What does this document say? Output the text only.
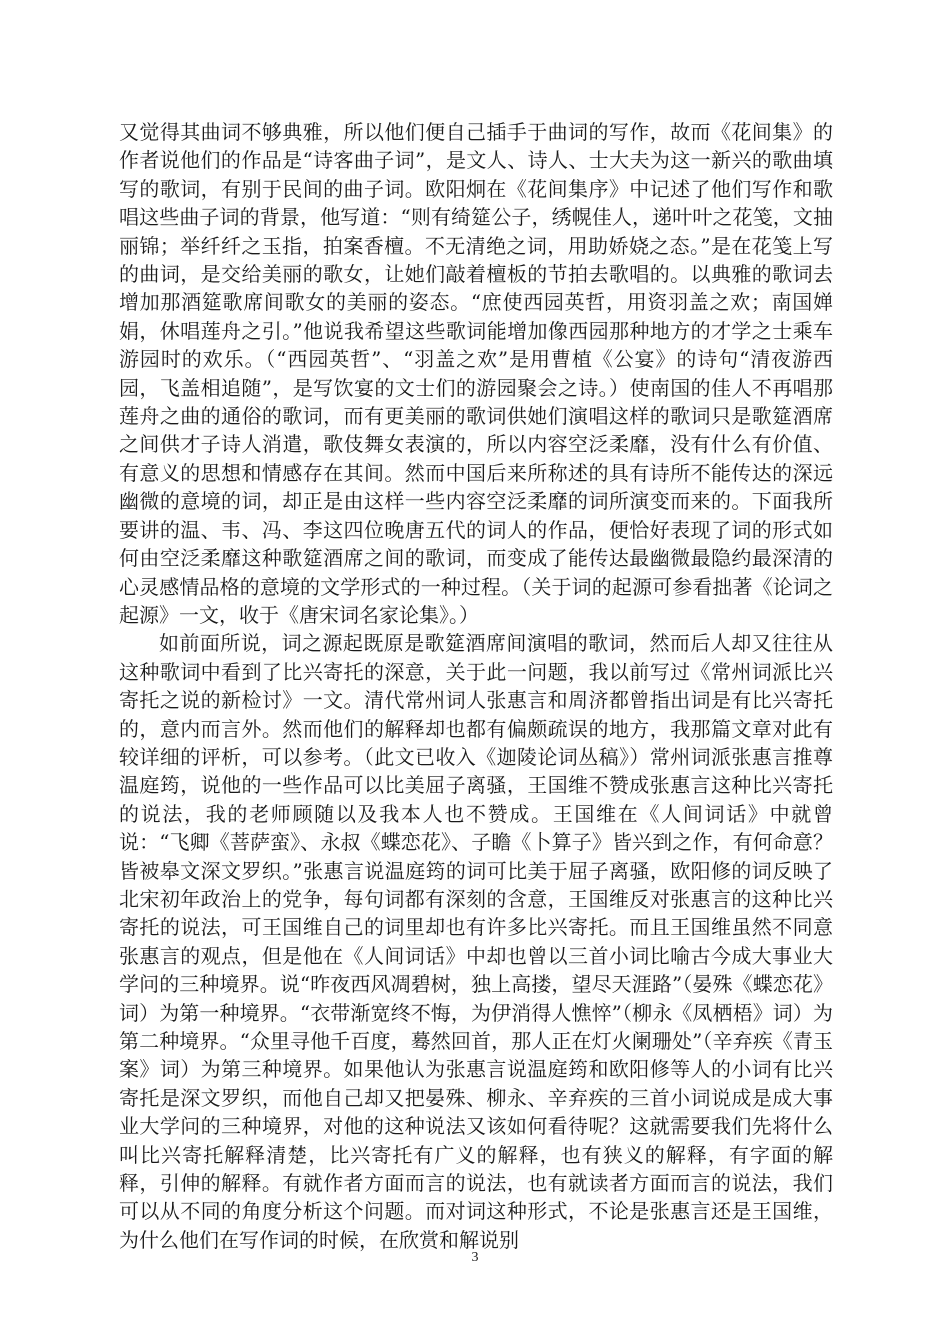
又觉得其曲词不够典雅，所以他们便自己插手于曲词的写作，故而《花间集》的作者说他们的作品是“诗客曲子词”，是文人、诗人、士大夫为这一新兴的歌曲填写的歌词，有别于民间的曲子词。欧阳炯在《花间集序》中记述了他们写作和歌唱这些曲子词的背景，他写道：“则有绮筵公子，绣幌佳人，递叶叶之花笺，文抽丽锦；举纤纤之玉指，拍案香檀。不无清绝之词，用助娇娆之态。”是在花笺上写的曲词，是交给美丽的歌女，让她们敲着檀板的节拍去歌唱的。以典雅的歌词去增加那酒筵歌席间歌女的美丽的姿态。“庶使西园英哲，用资羽盖之欢；南国婵娟，休唱莲舟之引。”他说我希望这些歌词能增加像西园那种地方的才学之士乘车游园时的欢乐。（“西园英哲”、“羽盖之欢”是用曹植《公宴》的诗句“清夜游西园，飞盖相追随”，是写饮宴的文士们的游园聚会之诗。）使南国的佳人不再唱那莲舟之曲的通俗的歌词，而有更美丽的歌词供她们演唱这样的歌词只是歌筵酒席之间供才子诗人消遣，歌伎舞女表演的，所以内容空泛柔靡，没有什么有价值、有意义的思想和情感存在其间。然而中国后来所称述的具有诗所不能传达的深远幽微的意境的词，却正是由这样一些内容空泛柔靡的词所演变而来的。下面我所要讲的温、韦、冯、李这四位晚唐五代的词人的作品，便恰好表现了词的形式如何由空泛柔靡这种歌筵酒席之间的歌词，而变成了能传达最幽微最隐约最深清的心灵感情品格的意境的文学形式的一种过程。（关于词的起源可参看拙著《论词之起源》一文，收于《唐宋词名家论集》。）

如前面所说，词之源起既原是歌筵酒席间演唱的歌词，然而后人却又往往从这种歌词中看到了比兴寄托的深意，关于此一问题，我以前写过《常州词派比兴寄托之说的新检讨》一文。清代常州词人张惠言和周济都曾指出词是有比兴寄托的，意内而言外。然而他们的解释却也都有偏颇疏误的地方，我那篇文章对此有较详细的评析，可以参考。（此文已收入《迦陵论词丛稿》）常州词派张惠言推尊温庭筠，说他的一些作品可以比美屈子离骚，王国维不赞成张惠言这种比兴寄托的说法，我的老师顾随以及我本人也不赞成。王国维在《人间词话》中就曾说：“飞卿《菩萨蛮》、永叔《蝶恋花》、子瞻《卜算子》皆兴到之作，有何命意？皆被皋文深文罗织。”张惠言说温庭筠的词可比美于屈子离骚，欧阳修的词反映了北宋初年政治上的党争，每句词都有深刻的含意，王国维反对张惠言的这种比兴寄托的说法，可王国维自己的词里却也有许多比兴寄托。而且王国维虽然不同意张惠言的观点，但是他在《人间词话》中却也曾以三首小词比喻古今成大事业大学问的三种境界。说“昨夜西风凋碧树，独上高搂，望尽天涯路”（晏殊《蝶恋花》词）为第一种境界。“衣带渐宽终不悔，为伊消得人憔悴”（柳永《凤栖梧》词）为第二种境界。“众里寻他千百度，蓦然回首，那人正在灯火阑珊处”（辛弃疾《青玉案》词）为第三种境界。如果他认为张惠言说温庭筠和欧阳修等人的小词有比兴寄托是深文罗织，而他自己却又把晏殊、柳永、辛弃疾的三首小词说成是成大事业大学问的三种境界，对他的这种说法又该如何看待呢？这就需要我们先将什么叫比兴寄托解释清楚，比兴寄托有广义的解释，也有狭义的解释，有字面的解释，引伸的解释。有就作者方面而言的说法，也有就读者方面而言的说法，我们可以从不同的角度分析这个问题。而对词这种形式，不论是张惠言还是王国维，为什么他们在写作词的时候，在欣赏和解说别

3
